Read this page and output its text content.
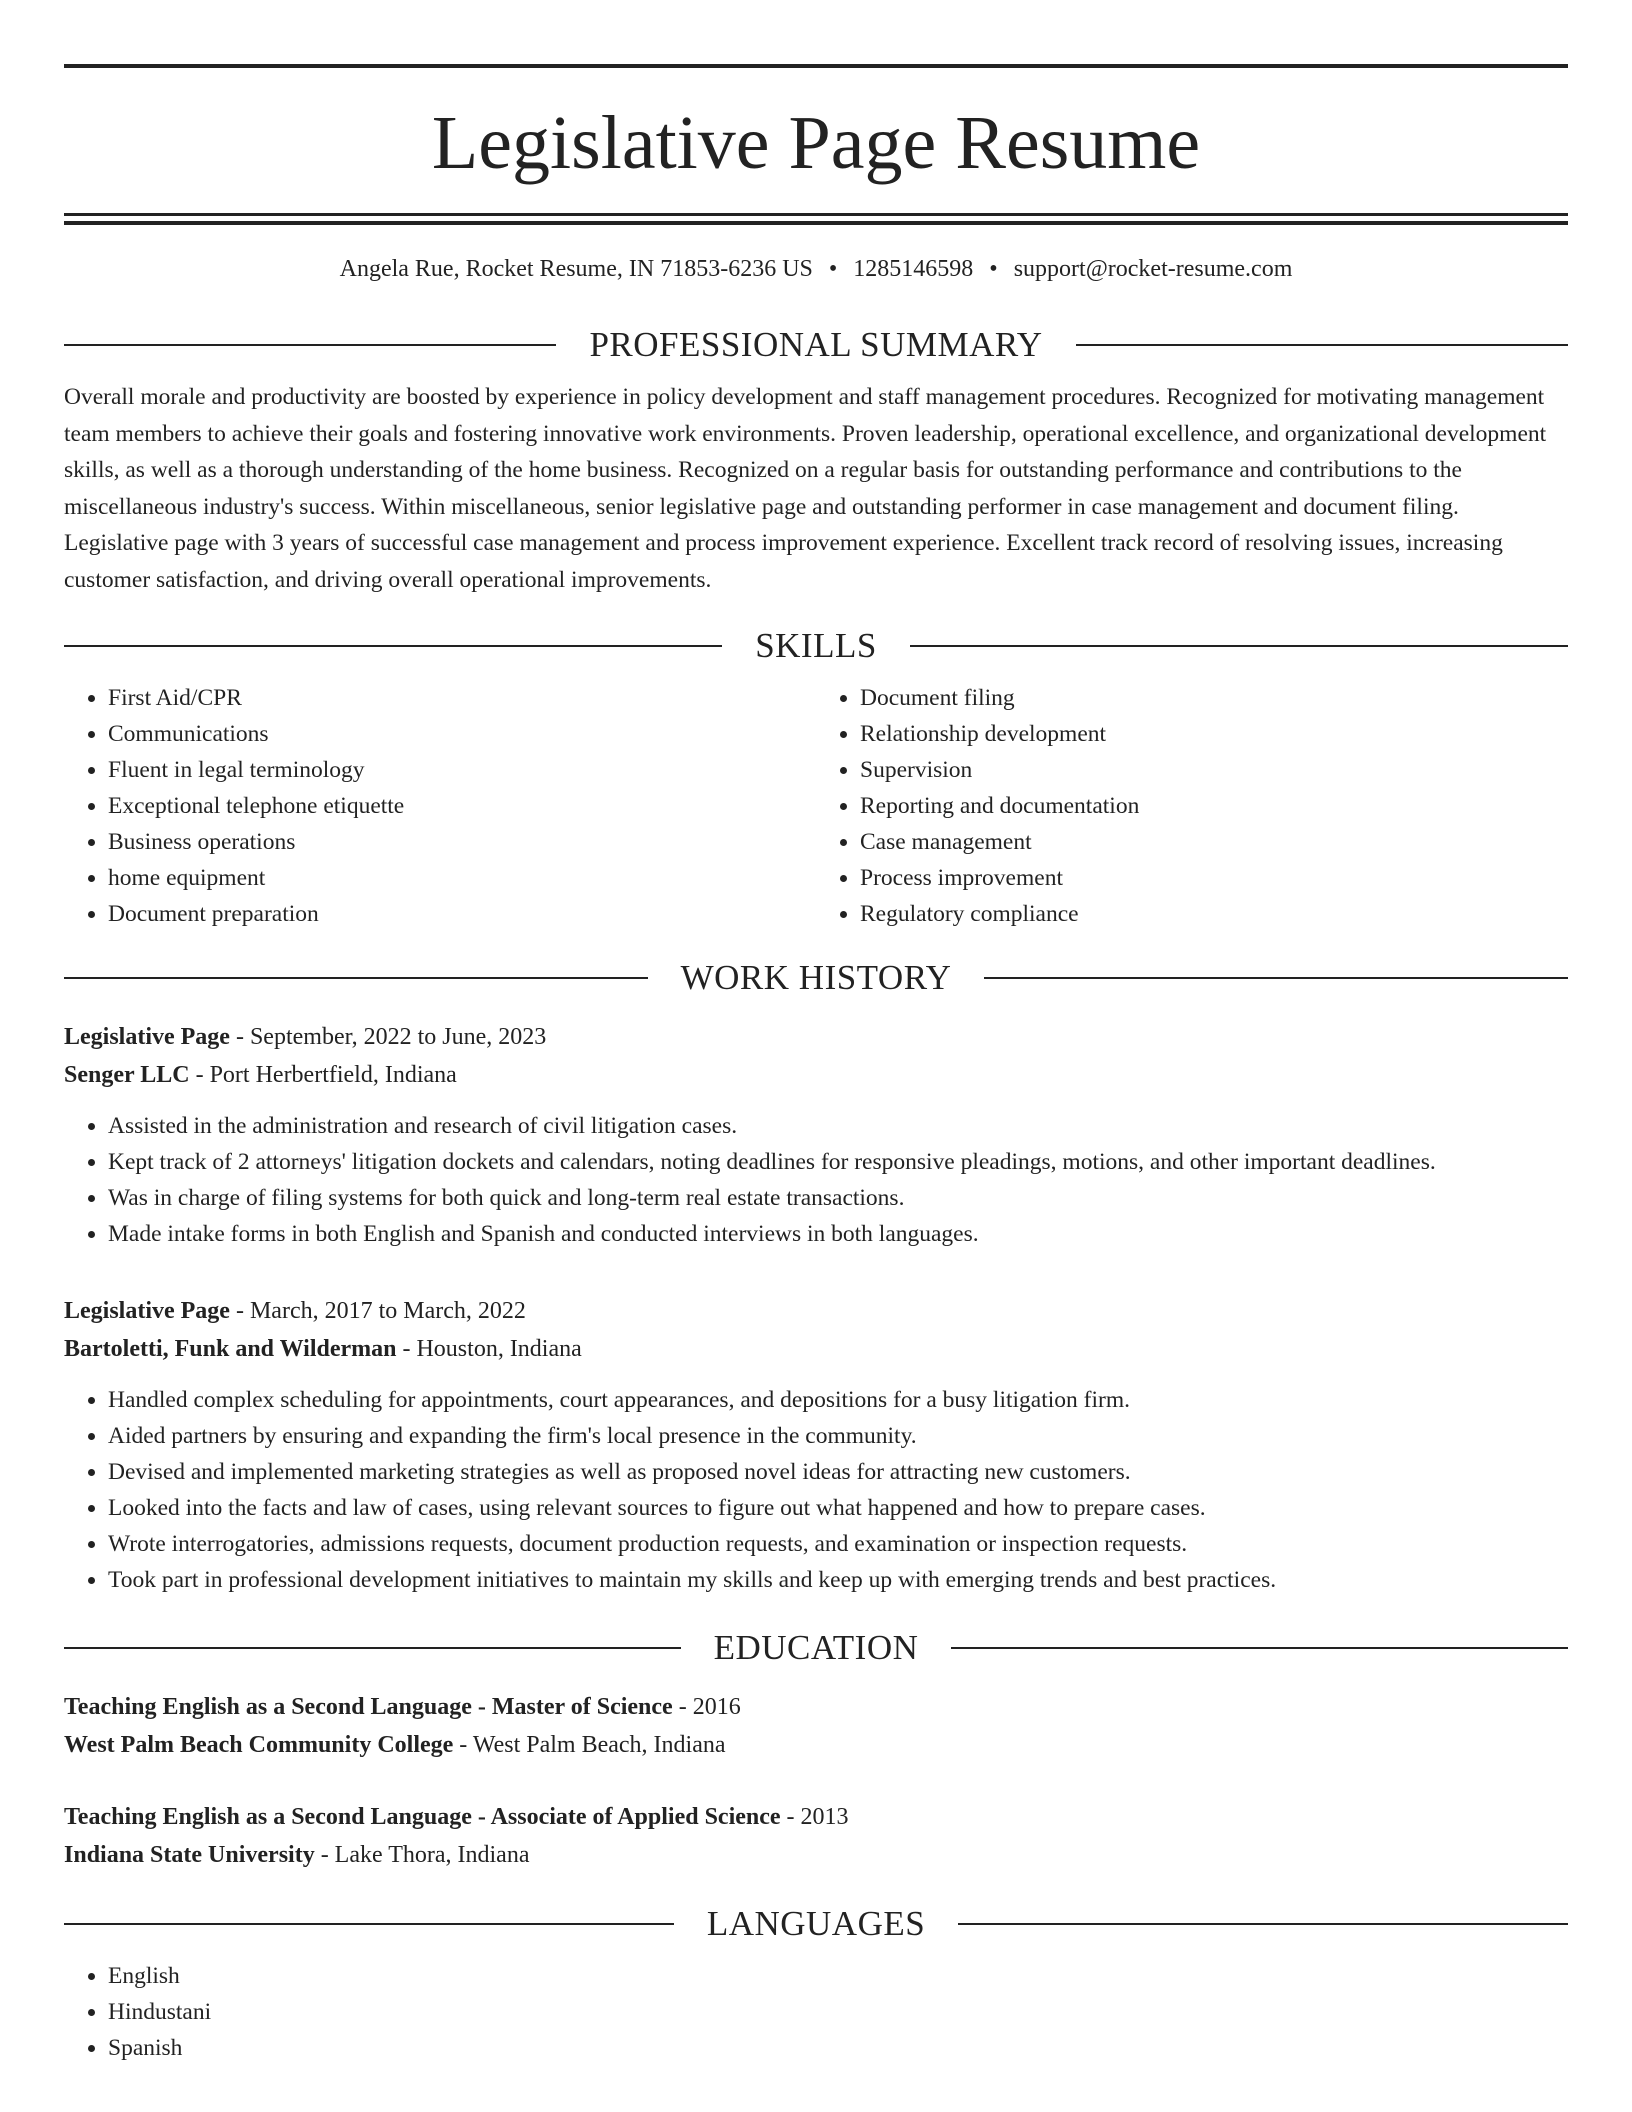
Legislative Page Resume
Angela Rue, Rocket Resume, IN 71853-6236 US • 1285146598 • support@rocket-resume.com
PROFESSIONAL SUMMARY
Overall morale and productivity are boosted by experience in policy development and staff management procedures. Recognized for motivating management team members to achieve their goals and fostering innovative work environments. Proven leadership, operational excellence, and organizational development skills, as well as a thorough understanding of the home business. Recognized on a regular basis for outstanding performance and contributions to the miscellaneous industry's success. Within miscellaneous, senior legislative page and outstanding performer in case management and document filing. Legislative page with 3 years of successful case management and process improvement experience. Excellent track record of resolving issues, increasing customer satisfaction, and driving overall operational improvements.
SKILLS
• First Aid/CPR
• Communications
• Fluent in legal terminology
• Exceptional telephone etiquette
• Business operations
• home equipment
• Document preparation
• Document filing
• Relationship development
• Supervision
• Reporting and documentation
• Case management
• Process improvement
• Regulatory compliance
WORK HISTORY
Legislative Page - September, 2022 to June, 2023
Senger LLC - Port Herbertfield, Indiana
• Assisted in the administration and research of civil litigation cases.
• Kept track of 2 attorneys' litigation dockets and calendars, noting deadlines for responsive pleadings, motions, and other important deadlines.
• Was in charge of filing systems for both quick and long-term real estate transactions.
• Made intake forms in both English and Spanish and conducted interviews in both languages.
Legislative Page - March, 2017 to March, 2022
Bartoletti, Funk and Wilderman - Houston, Indiana
• Handled complex scheduling for appointments, court appearances, and depositions for a busy litigation firm.
• Aided partners by ensuring and expanding the firm's local presence in the community.
• Devised and implemented marketing strategies as well as proposed novel ideas for attracting new customers.
• Looked into the facts and law of cases, using relevant sources to figure out what happened and how to prepare cases.
• Wrote interrogatories, admissions requests, document production requests, and examination or inspection requests.
• Took part in professional development initiatives to maintain my skills and keep up with emerging trends and best practices.
EDUCATION
Teaching English as a Second Language - Master of Science - 2016
West Palm Beach Community College - West Palm Beach, Indiana
Teaching English as a Second Language - Associate of Applied Science - 2013
Indiana State University - Lake Thora, Indiana
LANGUAGES
• English
• Hindustani
• Spanish
